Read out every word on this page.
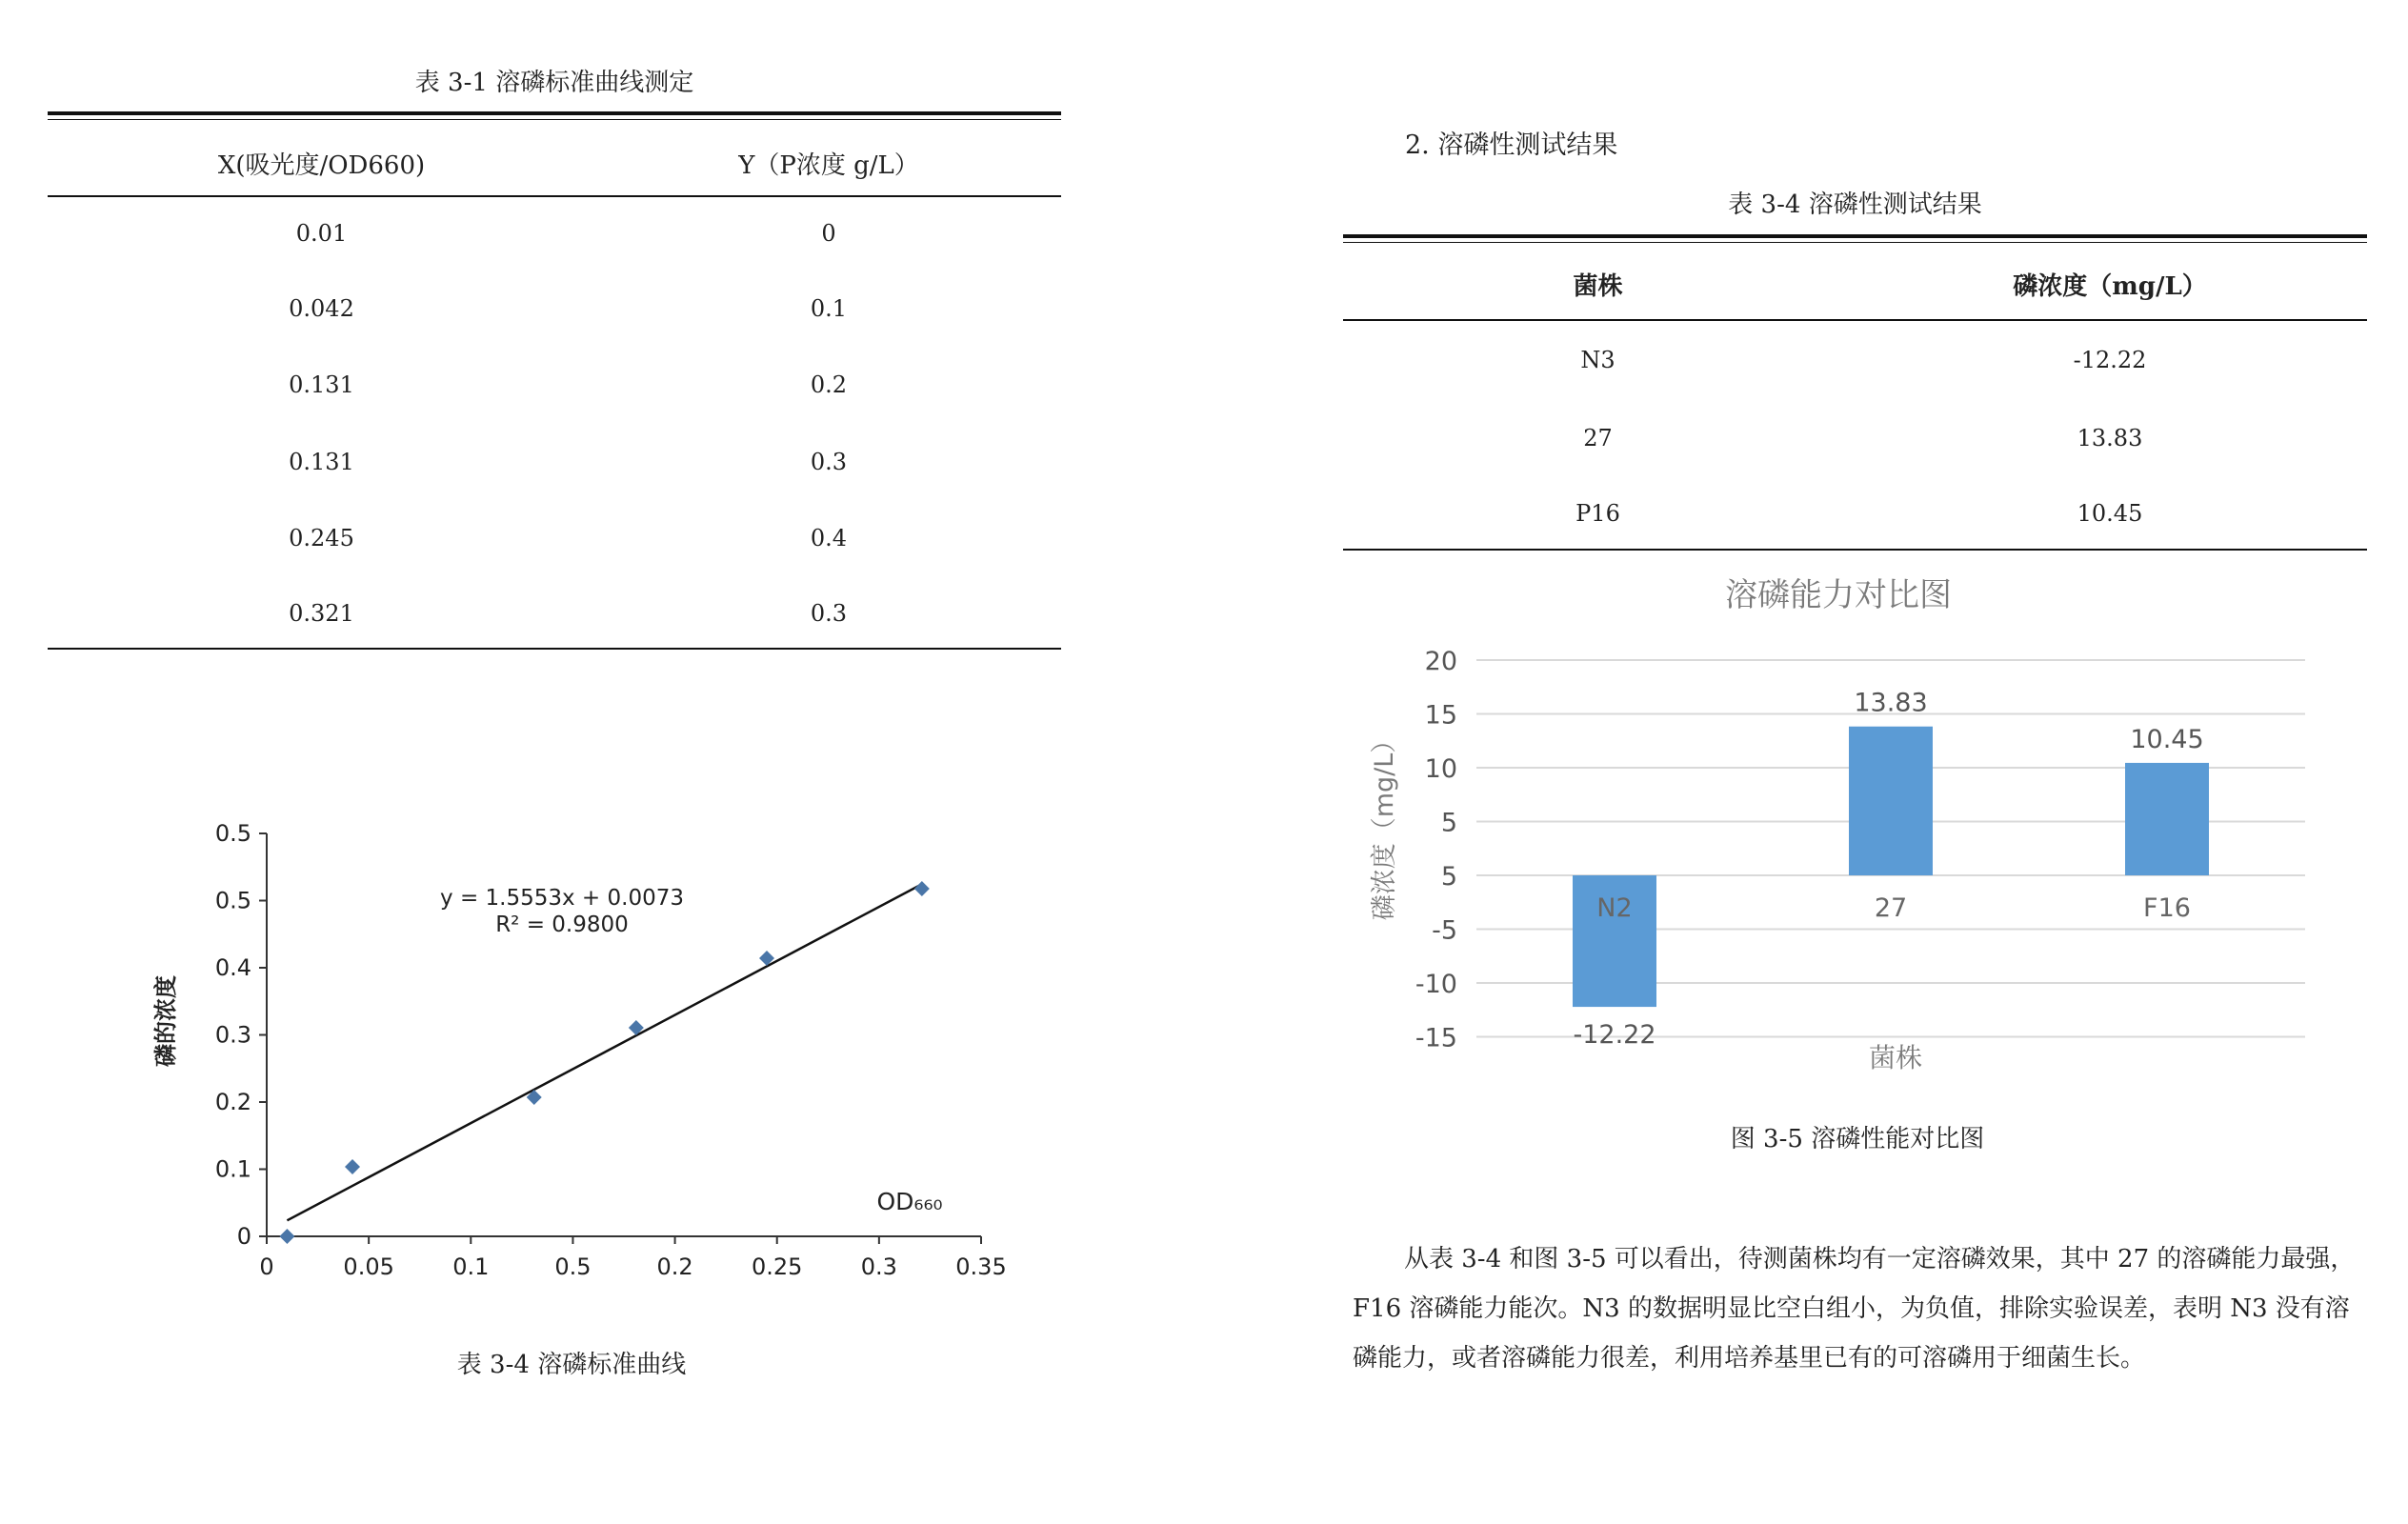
表 3-1 溶磷标准曲线测定
X(吸光度/OD660)	Y（P浓度 g/L）
0.01	0
0.042	0.1
0.131	0.2
0.131	0.3
0.245	0.4
0.321	0.3
0	0.05	0.1	0.5	0.2	0.25	0.3	0.35
0
0.1
0.2
0.3
0.4
0.5
0.5
y = 1.5553x + 0.0073
R² = 0.9800
OD₆₆₀
磷的浓度
表 3-4 溶磷标准曲线
2. 溶磷性测试结果
表 3-4 溶磷性测试结果
菌株	磷浓度（mg/L）
N3	-12.22
27	13.83
P16	10.45
溶磷能力对比图
20
15
10
5
5
-5
-10
-15	-12.22
N2
13.83
27
10.45
F16
菌株
磷浓度（mg/L）
图 3-5 溶磷性能对比图
从表 3-4 和图 3-5 可以看出，待测菌株均有一定溶磷效果，其中 27 的溶磷能力最强，F16 溶磷能力能次。N3 的数据明显比空白组小，为负值，排除实验误差，表明 N3 没有溶磷能力，或者溶磷能力很差，利用培养基里已有的可溶磷用于细菌生长。
